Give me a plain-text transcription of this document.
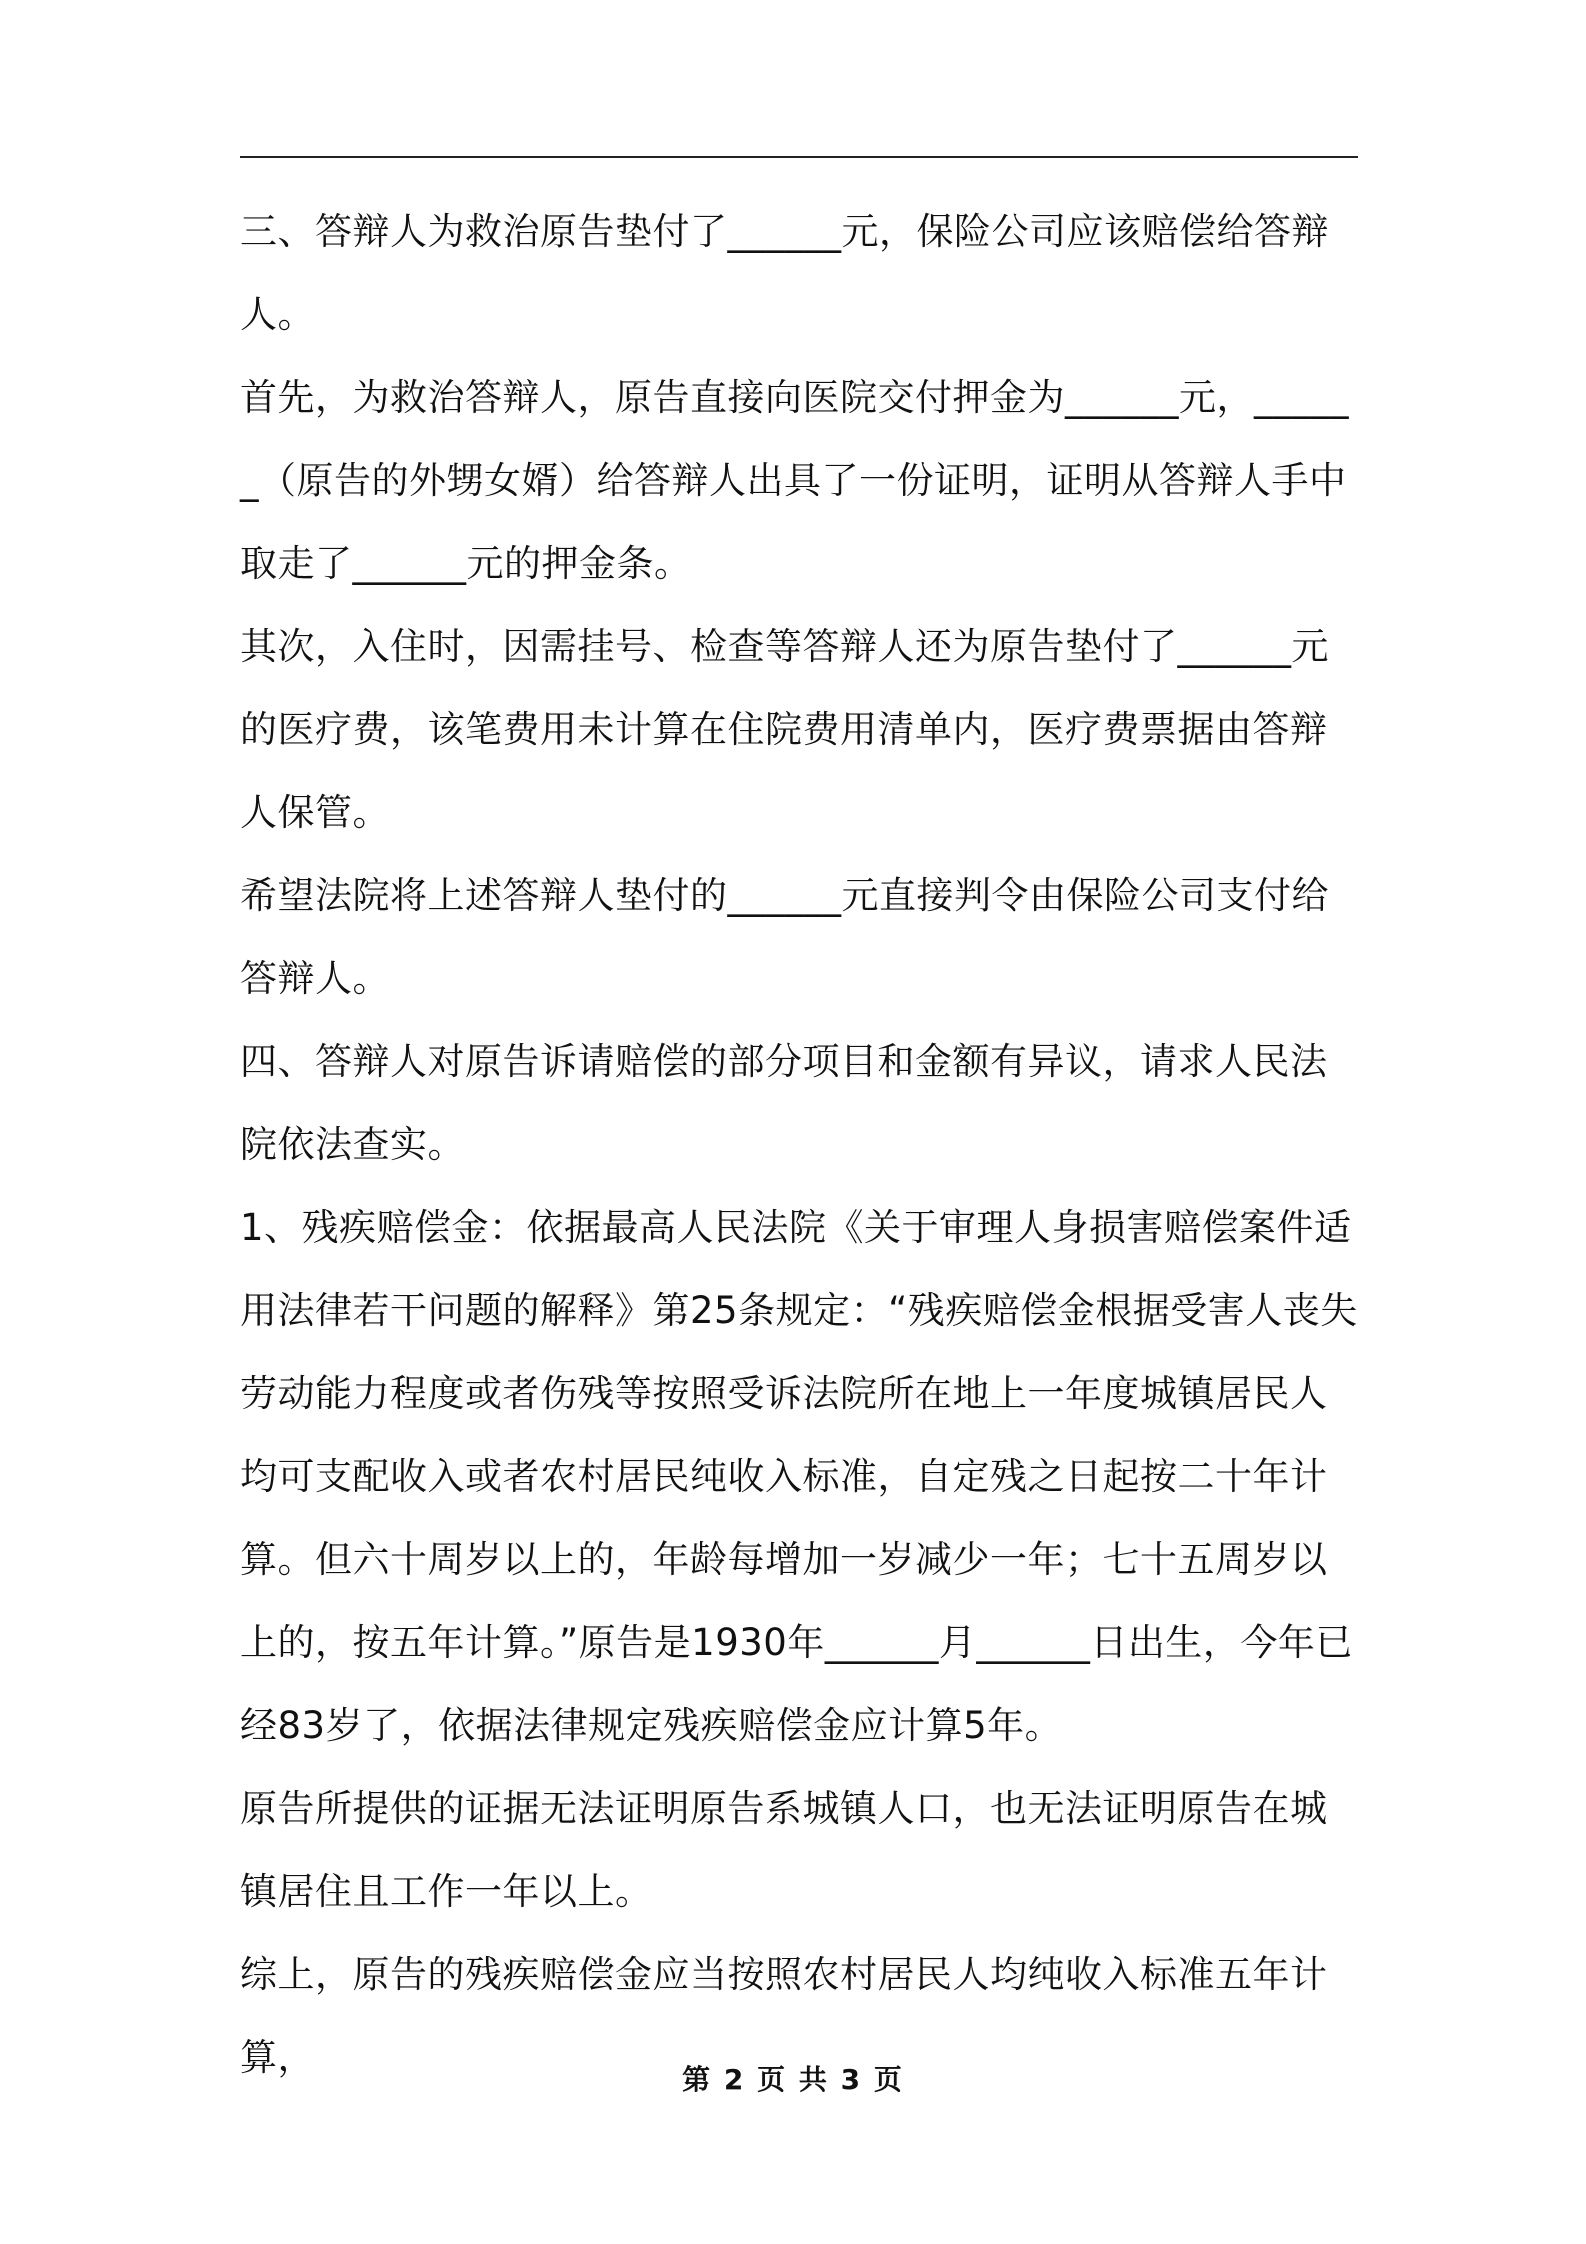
三、答辩人为救治原告垫付了______元，保险公司应该赔偿给答辩人。

首先，为救治答辩人，原告直接向医院交付押金为______元，______（原告的外甥女婿）给答辩人出具了一份证明，证明从答辩人手中取走了______元的押金条。

其次，入住时，因需挂号、检查等答辩人还为原告垫付了______元的医疗费，该笔费用未计算在住院费用清单内，医疗费票据由答辩人保管。

希望法院将上述答辩人垫付的______元直接判令由保险公司支付给答辩人。

四、答辩人对原告诉请赔偿的部分项目和金额有异议，请求人民法院依法查实。

1、残疾赔偿金：依据最高人民法院《关于审理人身损害赔偿案件适用法律若干问题的解释》第25条规定：“残疾赔偿金根据受害人丧失劳动能力程度或者伤残等按照受诉法院所在地上一年度城镇居民人均可支配收入或者农村居民纯收入标准，自定残之日起按二十年计算。但六十周岁以上的，年龄每增加一岁减少一年；七十五周岁以上的，按五年计算。”原告是1930年______月______日出生，今年已经83岁了，依据法律规定残疾赔偿金应计算5年。

原告所提供的证据无法证明原告系城镇人口，也无法证明原告在城镇居住且工作一年以上。

综上，原告的残疾赔偿金应当按照农村居民人均纯收入标准五年计算，

第 2 页 共 3 页
